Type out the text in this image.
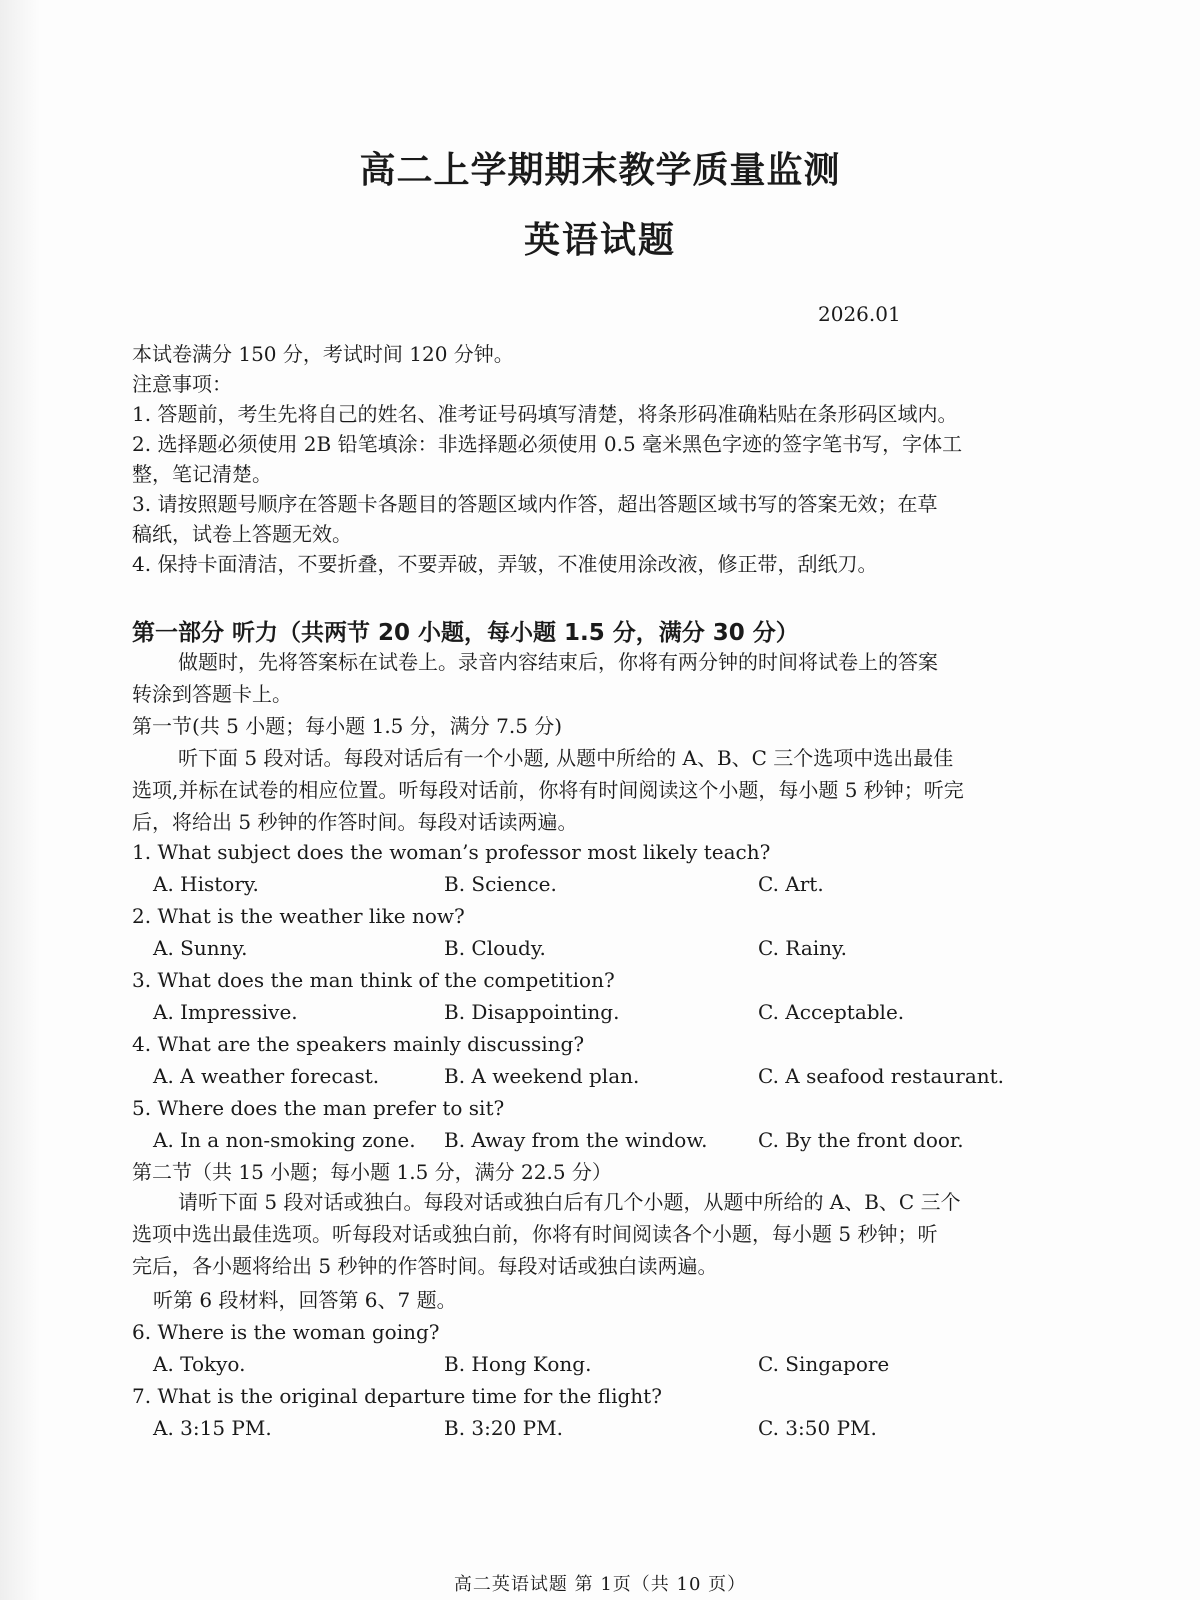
高二上学期期末教学质量监测
英语试题
2026.01
本试卷满分 150 分，考试时间 120 分钟。
注意事项：
1. 答题前，考生先将自己的姓名、准考证号码填写清楚，将条形码准确粘贴在条形码区域内。
2. 选择题必须使用 2B 铅笔填涂：非选择题必须使用 0.5 毫米黑色字迹的签字笔书写，字体工
整，笔记清楚。
3. 请按照题号顺序在答题卡各题目的答题区域内作答，超出答题区域书写的答案无效；在草
稿纸，试卷上答题无效。
4. 保持卡面清洁，不要折叠，不要弄破，弄皱，不准使用涂改液，修正带，刮纸刀。
第一部分 听力（共两节 20 小题，每小题 1.5 分，满分 30 分）
做题时，先将答案标在试卷上。录音内容结束后，你将有两分钟的时间将试卷上的答案
转涂到答题卡上。
第一节(共 5 小题；每小题 1.5 分，满分 7.5 分)
听下面 5 段对话。每段对话后有一个小题, 从题中所给的 A、B、C 三个选项中选出最佳
选项,并标在试卷的相应位置。听每段对话前，你将有时间阅读这个小题，每小题 5 秒钟；听完
后，将给出 5 秒钟的作答时间。每段对话读两遍。
1. What subject does the woman’s professor most likely teach?
A. History.	B. Science.	C. Art.
2. What is the weather like now?
A. Sunny.	B. Cloudy.	C. Rainy.
3. What does the man think of the competition?
A. Impressive.	B. Disappointing.	C. Acceptable.
4. What are the speakers mainly discussing?
A. A weather forecast.	B. A weekend plan.	C. A seafood restaurant.
5. Where does the man prefer to sit?
A. In a non-smoking zone. B. Away from the window.	C. By the front door.
第二节（共 15 小题；每小题 1.5 分，满分 22.5 分）
请听下面 5 段对话或独白。每段对话或独白后有几个小题，从题中所给的 A、B、C 三个
选项中选出最佳选项。听每段对话或独白前，你将有时间阅读各个小题，每小题 5 秒钟；听
完后，各小题将给出 5 秒钟的作答时间。每段对话或独白读两遍。
听第 6 段材料，回答第 6、7 题。
6. Where is the woman going?
A. Tokyo.	B. Hong Kong.	C. Singapore
7. What is the original departure time for the flight?
A. 3:15 PM.	B. 3:20 PM.	C. 3:50 PM.
高二英语试题 第 1页（共 10 页）
